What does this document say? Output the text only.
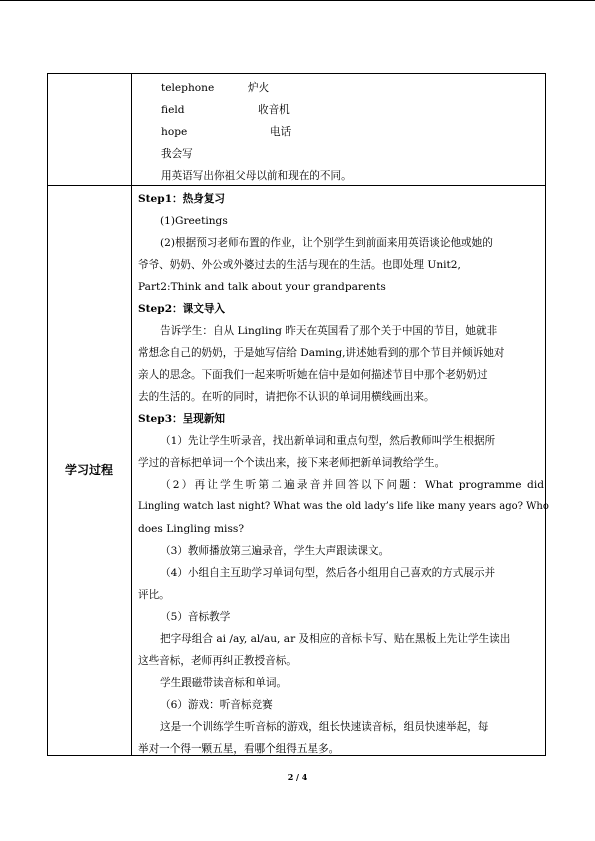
telephone	炉火
field	收音机
hope	电话
我会写
用英语写出你祖父母以前和现在的不同。
学习过程
Step1：热身复习
(1)Greetings
(2)根据预习老师布置的作业，让个别学生到前面来用英语谈论他或她的
爷爷、奶奶、外公或外婆过去的生活与现在的生活。也即处理 Unit2,
Part2:Think and talk about your grandparents
Step2：课文导入
告诉学生：自从 Lingling 昨天在英国看了那个关于中国的节目，她就非
常想念自己的奶奶，于是她写信给 Daming,讲述她看到的那个节目并倾诉她对
亲人的思念。下面我们一起来听听她在信中是如何描述节目中那个老奶奶过
去的生活的。在听的同时，请把你不认识的单词用横线画出来。
Step3：呈现新知
（1）先让学生听录音，找出新单词和重点句型，然后教师叫学生根据所
学过的音标把单词一个个读出来，接下来老师把新单词教给学生。
（2）再让学生听第二遍录音并回答以下问题：What programme did
Lingling watch last night? What was the old lady’s life like many years ago? Who
does Lingling miss?
（3）教师播放第三遍录音，学生大声跟读课文。
（4）小组自主互助学习单词句型，然后各小组用自己喜欢的方式展示并
评比。
（5）音标教学
把字母组合 ai /ay, al/au, ar 及相应的音标卡写、贴在黑板上先让学生读出
这些音标，老师再纠正教授音标。
学生跟磁带读音标和单词。
（6）游戏：听音标竞赛
这是一个训练学生听音标的游戏，组长快速读音标，组员快速举起，每
举对一个得一颗五星，看哪个组得五星多。
2 / 4
